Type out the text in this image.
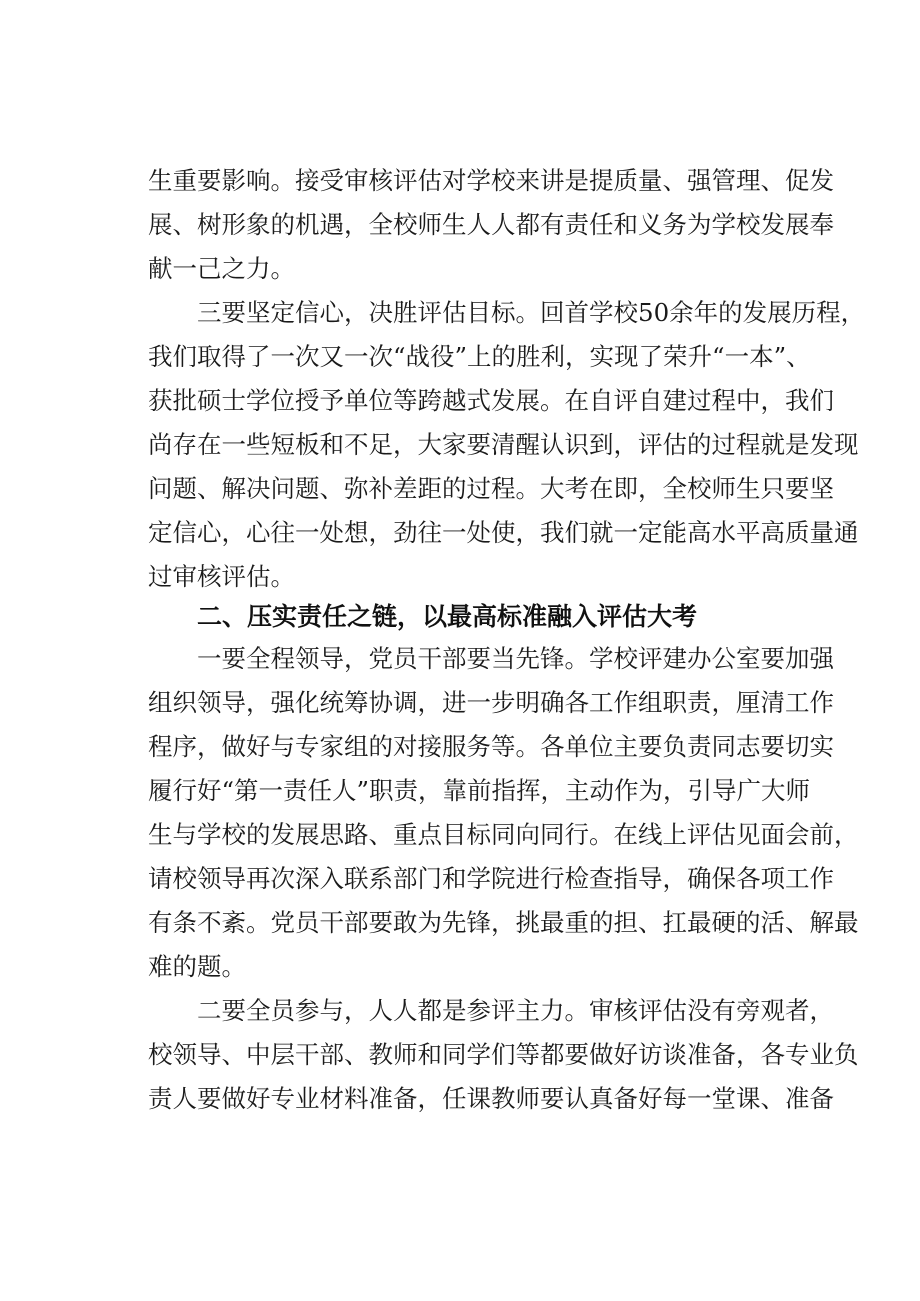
生重要影响。接受审核评估对学校来讲是提质量、强管理、促发
展、树形象的机遇，全校师生人人都有责任和义务为学校发展奉
献一己之力。
三要坚定信心，决胜评估目标。回首学校50余年的发展历程，
我们取得了一次又一次“战役”上的胜利，实现了荣升“一本”、
获批硕士学位授予单位等跨越式发展。在自评自建过程中，我们
尚存在一些短板和不足，大家要清醒认识到，评估的过程就是发现
问题、解决问题、弥补差距的过程。大考在即，全校师生只要坚
定信心，心往一处想，劲往一处使，我们就一定能高水平高质量通
过审核评估。
二、压实责任之链，以最高标准融入评估大考
一要全程领导，党员干部要当先锋。学校评建办公室要加强
组织领导，强化统筹协调，进一步明确各工作组职责，厘清工作
程序，做好与专家组的对接服务等。各单位主要负责同志要切实
履行好“第一责任人”职责，靠前指挥，主动作为，引导广大师
生与学校的发展思路、重点目标同向同行。在线上评估见面会前，
请校领导再次深入联系部门和学院进行检查指导，确保各项工作
有条不紊。党员干部要敢为先锋，挑最重的担、扛最硬的活、解最
难的题。
二要全员参与，人人都是参评主力。审核评估没有旁观者，
校领导、中层干部、教师和同学们等都要做好访谈准备，各专业负
责人要做好专业材料准备，任课教师要认真备好每一堂课、准备
